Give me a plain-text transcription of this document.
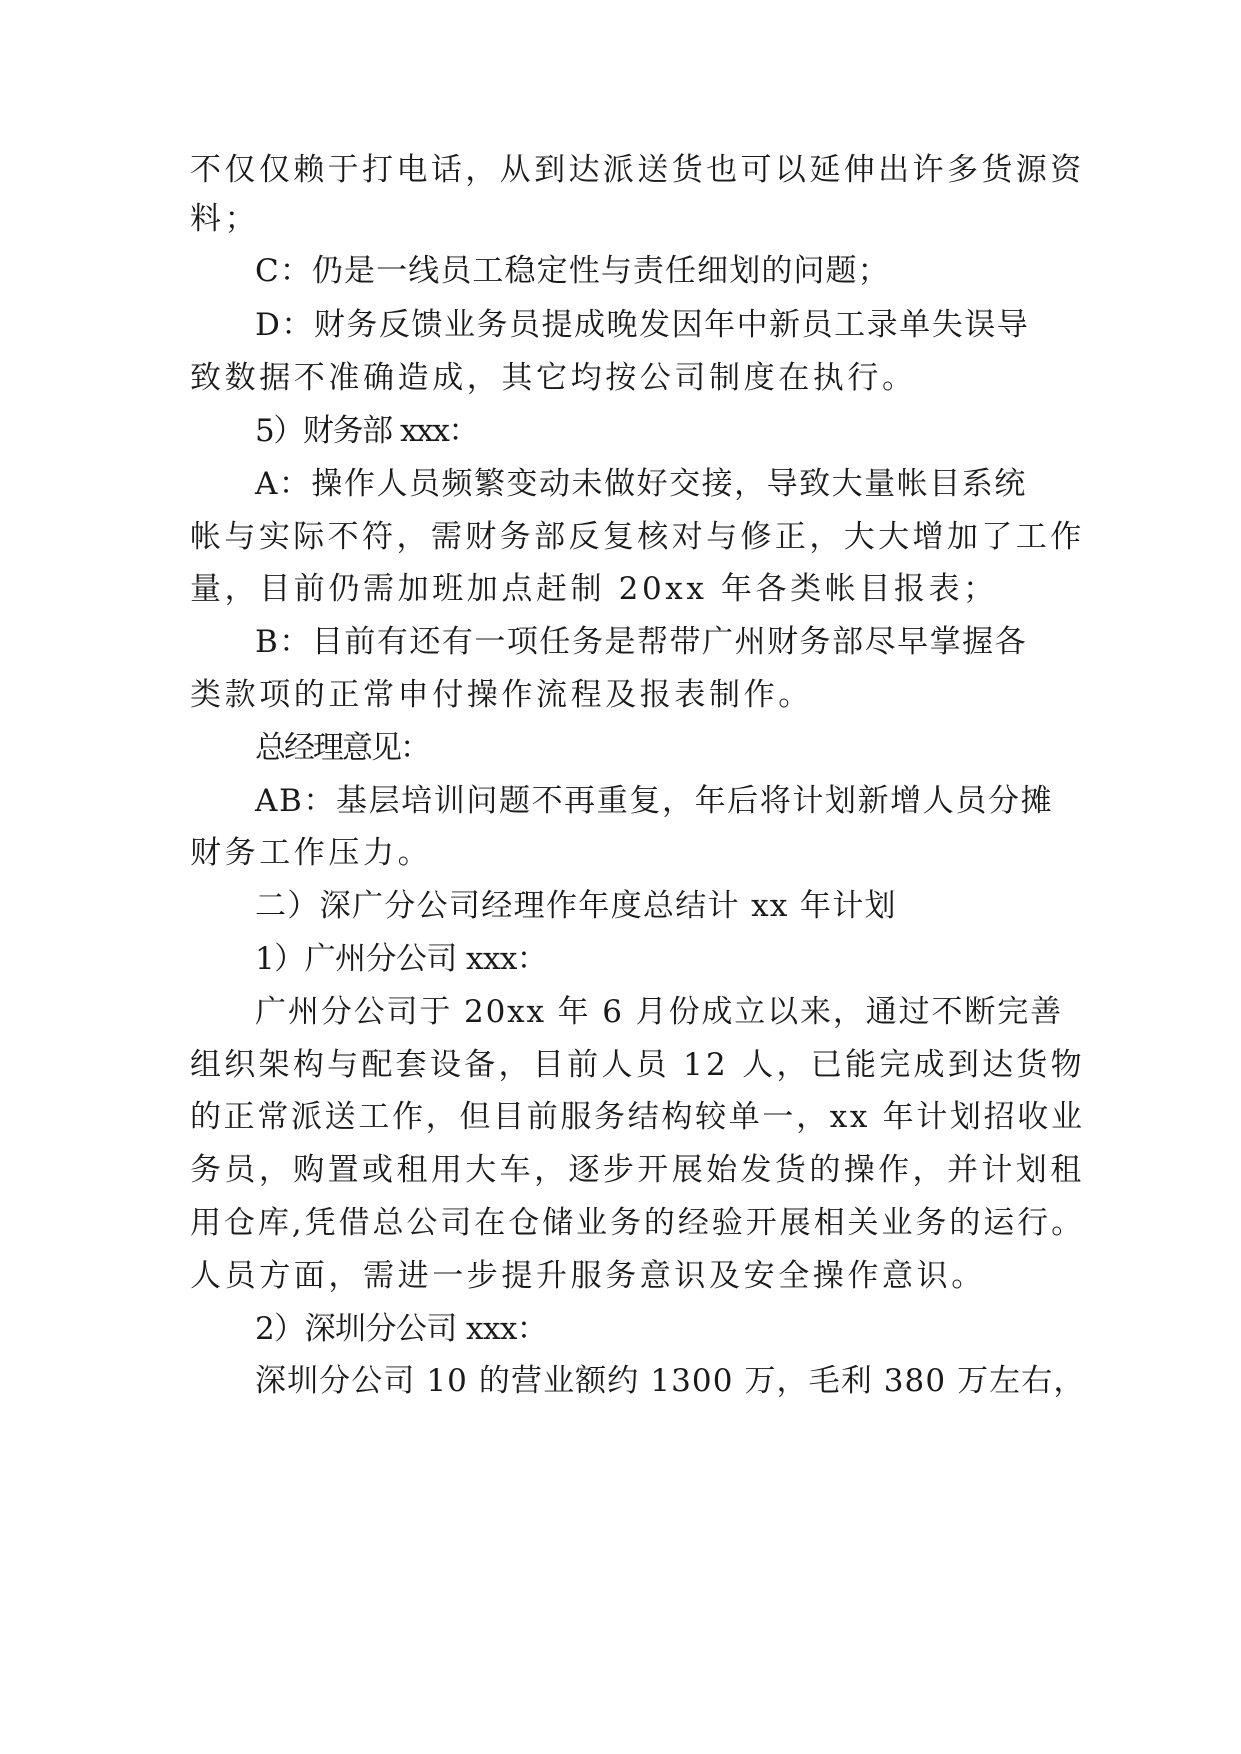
不仅仅赖于打电话，从到达派送货也可以延伸出许多货源资
料；
C：仍是一线员工稳定性与责任细划的问题；
D：财务反馈业务员提成晚发因年中新员工录单失误导
致数据不准确造成，其它均按公司制度在执行。
5）财务部 xxx：
A：操作人员频繁变动未做好交接，导致大量帐目系统
帐与实际不符，需财务部反复核对与修正，大大增加了工作
量，目前仍需加班加点赶制 20xx 年各类帐目报表；
B：目前有还有一项任务是帮带广州财务部尽早掌握各
类款项的正常申付操作流程及报表制作。
总经理意见：
AB：基层培训问题不再重复，年后将计划新增人员分摊
财务工作压力。
二）深广分公司经理作年度总结计 xx 年计划
1）广州分公司 xxx：
广州分公司于 20xx 年 6 月份成立以来，通过不断完善
组织架构与配套设备，目前人员 12 人，已能完成到达货物
的正常派送工作，但目前服务结构较单一，xx 年计划招收业
务员，购置或租用大车，逐步开展始发货的操作，并计划租
用仓库,凭借总公司在仓储业务的经验开展相关业务的运行。
人员方面，需进一步提升服务意识及安全操作意识。
2）深圳分公司 xxx：
深圳分公司 10 的营业额约 1300 万，毛利 380 万左右，
